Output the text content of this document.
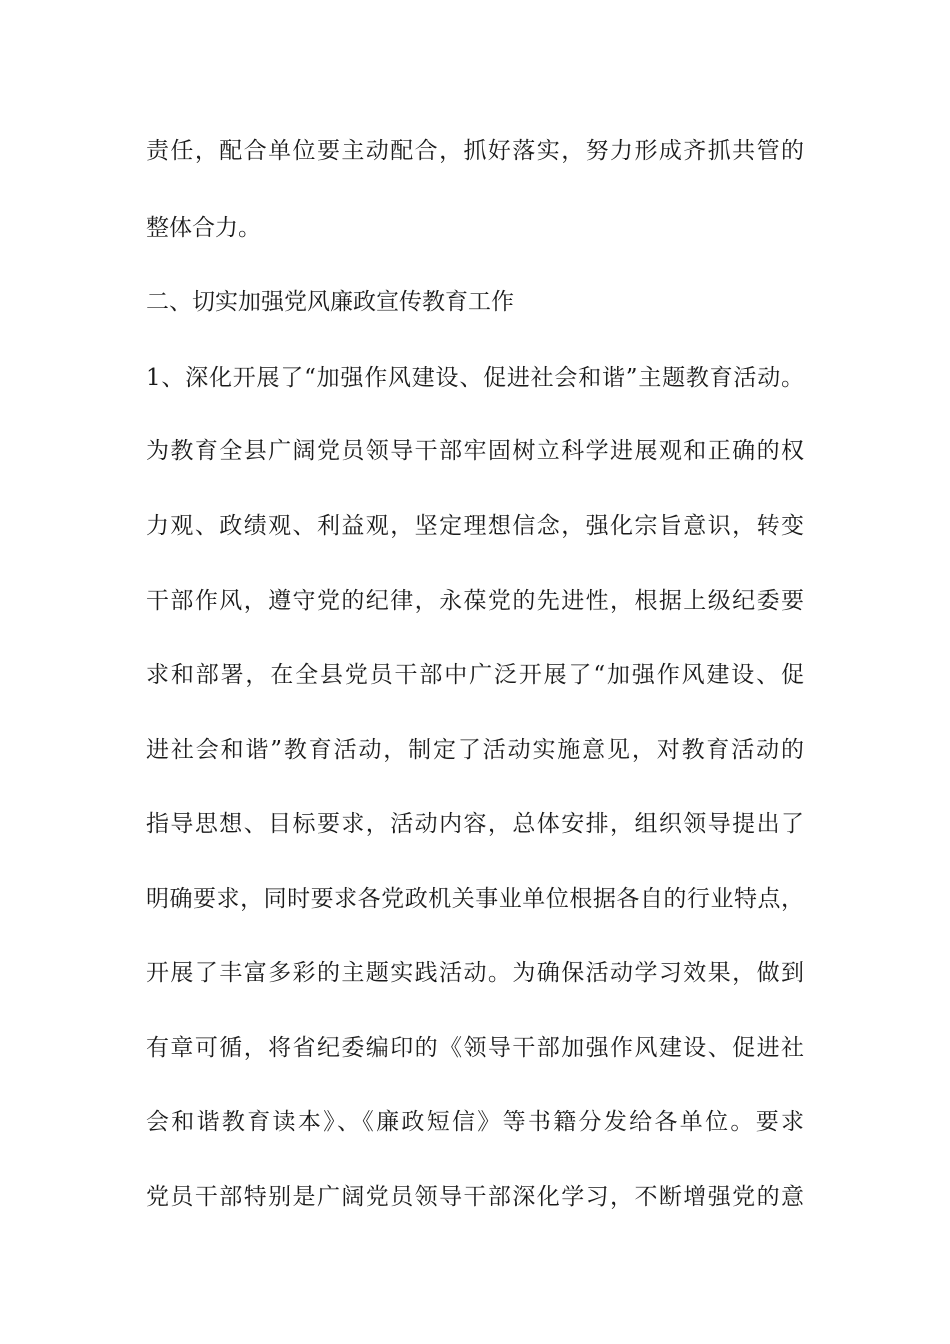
责任，配合单位要主动配合，抓好落实，努力形成齐抓共管的
整体合力。
二、切实加强党风廉政宣传教育工作
1、深化开展了“加强作风建设、促进社会和谐”主题教育活动。
为教育全县广阔党员领导干部牢固树立科学进展观和正确的权
力观、政绩观、利益观，坚定理想信念，强化宗旨意识，转变
干部作风，遵守党的纪律，永葆党的先进性，根据上级纪委要
求和部署，在全县党员干部中广泛开展了“加强作风建设、促
进社会和谐”教育活动，制定了活动实施意见，对教育活动的
指导思想、目标要求，活动内容，总体安排，组织领导提出了
明确要求，同时要求各党政机关事业单位根据各自的行业特点，
开展了丰富多彩的主题实践活动。为确保活动学习效果，做到
有章可循，将省纪委编印的《领导干部加强作风建设、促进社
会和谐教育读本》、《廉政短信》等书籍分发给各单位。要求
党员干部特别是广阔党员领导干部深化学习，不断增强党的意
